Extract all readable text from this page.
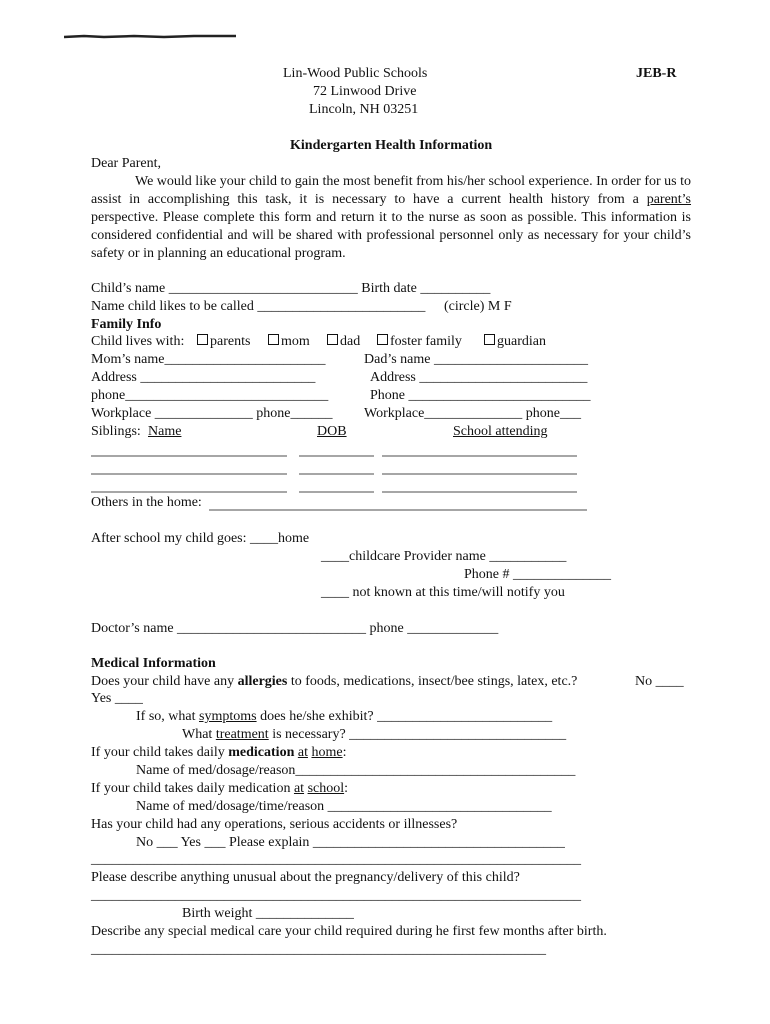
Lin-Wood Public Schools
72 Linwood Drive
Lincoln, NH 03251
JEB-R
Kindergarten Health Information
Dear Parent,
We would like your child to gain the most benefit from his/her school experience. In order for us to assist in accomplishing this task, it is necessary to have a current health history from a parent’s perspective. Please complete this form and return it to the nurse as soon as possible. This information is considered confidential and will be shared with professional personnel only as necessary for your child’s safety or in planning an educational program.
Child’s name ___________________________ Birth date __________
Name child likes to be called ________________________ (circle) M F
Family Info
Child lives with:	parents	mom	dad	foster family	guardian
Mom’s name_______________________	Dad’s name ______________________
Address _________________________	Address ________________________
phone_____________________________	Phone __________________________
Workplace ______________ phone______ Workplace______________ phone___
Siblings: Name	DOB	School attending
Others in the home:
After school my child goes: ____home
____childcare Provider name ___________
Phone # ______________
____ not known at this time/will notify you
Doctor’s name ___________________________ phone _____________
Medical Information
Does your child have any allergies to foods, medications, insect/bee stings, latex, etc.?	No ____
Yes ____
If so, what symptoms does he/she exhibit? _________________________
What treatment is necessary? _______________________________
If your child takes daily medication at home:
Name of med/dosage/reason________________________________________
If your child takes daily medication at school:
Name of med/dosage/time/reason ________________________________
Has your child had any operations, serious accidents or illnesses?
No ___ Yes ___ Please explain ____________________________________
______________________________________________________________________
Please describe anything unusual about the pregnancy/delivery of this child?
______________________________________________________________________
Birth weight ______________
Describe any special medical care your child required during he first few months after birth.
_________________________________________________________________
